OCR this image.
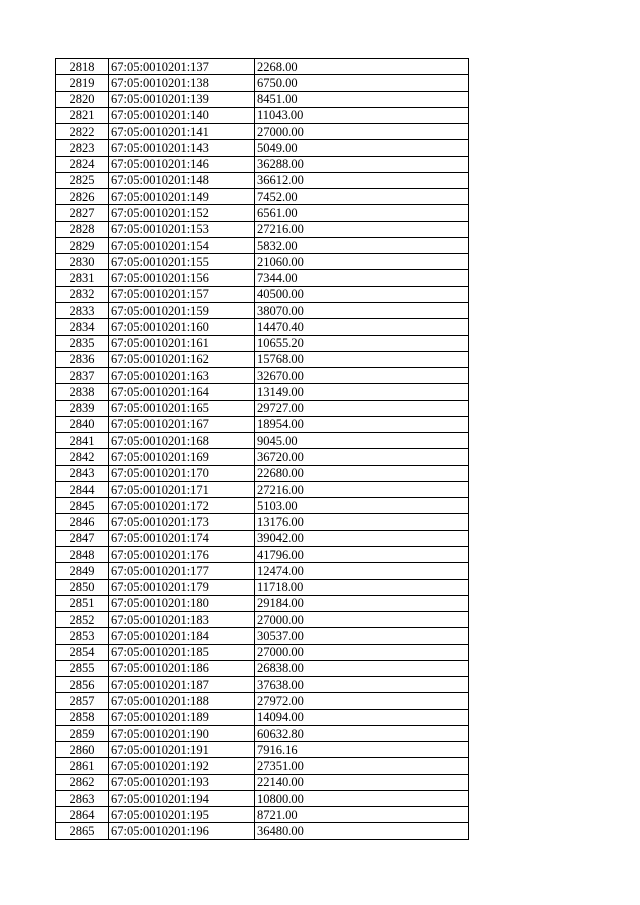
2818	67:05:0010201:137	2268.00
2819	67:05:0010201:138	6750.00
2820	67:05:0010201:139	8451.00
2821	67:05:0010201:140	11043.00
2822	67:05:0010201:141	27000.00
2823	67:05:0010201:143	5049.00
2824	67:05:0010201:146	36288.00
2825	67:05:0010201:148	36612.00
2826	67:05:0010201:149	7452.00
2827	67:05:0010201:152	6561.00
2828	67:05:0010201:153	27216.00
2829	67:05:0010201:154	5832.00
2830	67:05:0010201:155	21060.00
2831	67:05:0010201:156	7344.00
2832	67:05:0010201:157	40500.00
2833	67:05:0010201:159	38070.00
2834	67:05:0010201:160	14470.40
2835	67:05:0010201:161	10655.20
2836	67:05:0010201:162	15768.00
2837	67:05:0010201:163	32670.00
2838	67:05:0010201:164	13149.00
2839	67:05:0010201:165	29727.00
2840	67:05:0010201:167	18954.00
2841	67:05:0010201:168	9045.00
2842	67:05:0010201:169	36720.00
2843	67:05:0010201:170	22680.00
2844	67:05:0010201:171	27216.00
2845	67:05:0010201:172	5103.00
2846	67:05:0010201:173	13176.00
2847	67:05:0010201:174	39042.00
2848	67:05:0010201:176	41796.00
2849	67:05:0010201:177	12474.00
2850	67:05:0010201:179	11718.00
2851	67:05:0010201:180	29184.00
2852	67:05:0010201:183	27000.00
2853	67:05:0010201:184	30537.00
2854	67:05:0010201:185	27000.00
2855	67:05:0010201:186	26838.00
2856	67:05:0010201:187	37638.00
2857	67:05:0010201:188	27972.00
2858	67:05:0010201:189	14094.00
2859	67:05:0010201:190	60632.80
2860	67:05:0010201:191	7916.16
2861	67:05:0010201:192	27351.00
2862	67:05:0010201:193	22140.00
2863	67:05:0010201:194	10800.00
2864	67:05:0010201:195	8721.00
2865	67:05:0010201:196	36480.00
